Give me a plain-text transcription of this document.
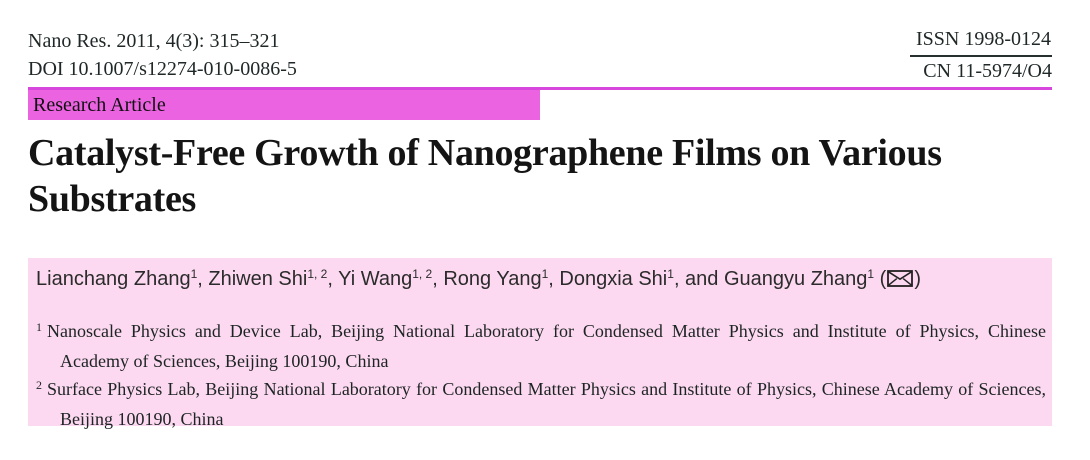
Nano Res. 2011, 4(3): 315–321
DOI 10.1007/s12274-010-0086-5
ISSN 1998-0124
CN 11-5974/O4
Research Article
Catalyst-Free Growth of Nanographene Films on Various Substrates
Lianchang Zhang$^1$, Zhiwen Shi$^{1, 2}$, Yi Wang$^{1, 2}$, Rong Yang$^1$, Dongxia Shi$^1$, and Guangyu Zhang$^1$ ( )
$^1$ Nanoscale Physics and Device Lab, Beijing National Laboratory for Condensed Matter Physics and Institute of Physics, Chinese Academy of Sciences, Beijing 100190, China
$^2$ Surface Physics Lab, Beijing National Laboratory for Condensed Matter Physics and Institute of Physics, Chinese Academy of Sciences, Beijing 100190, China
